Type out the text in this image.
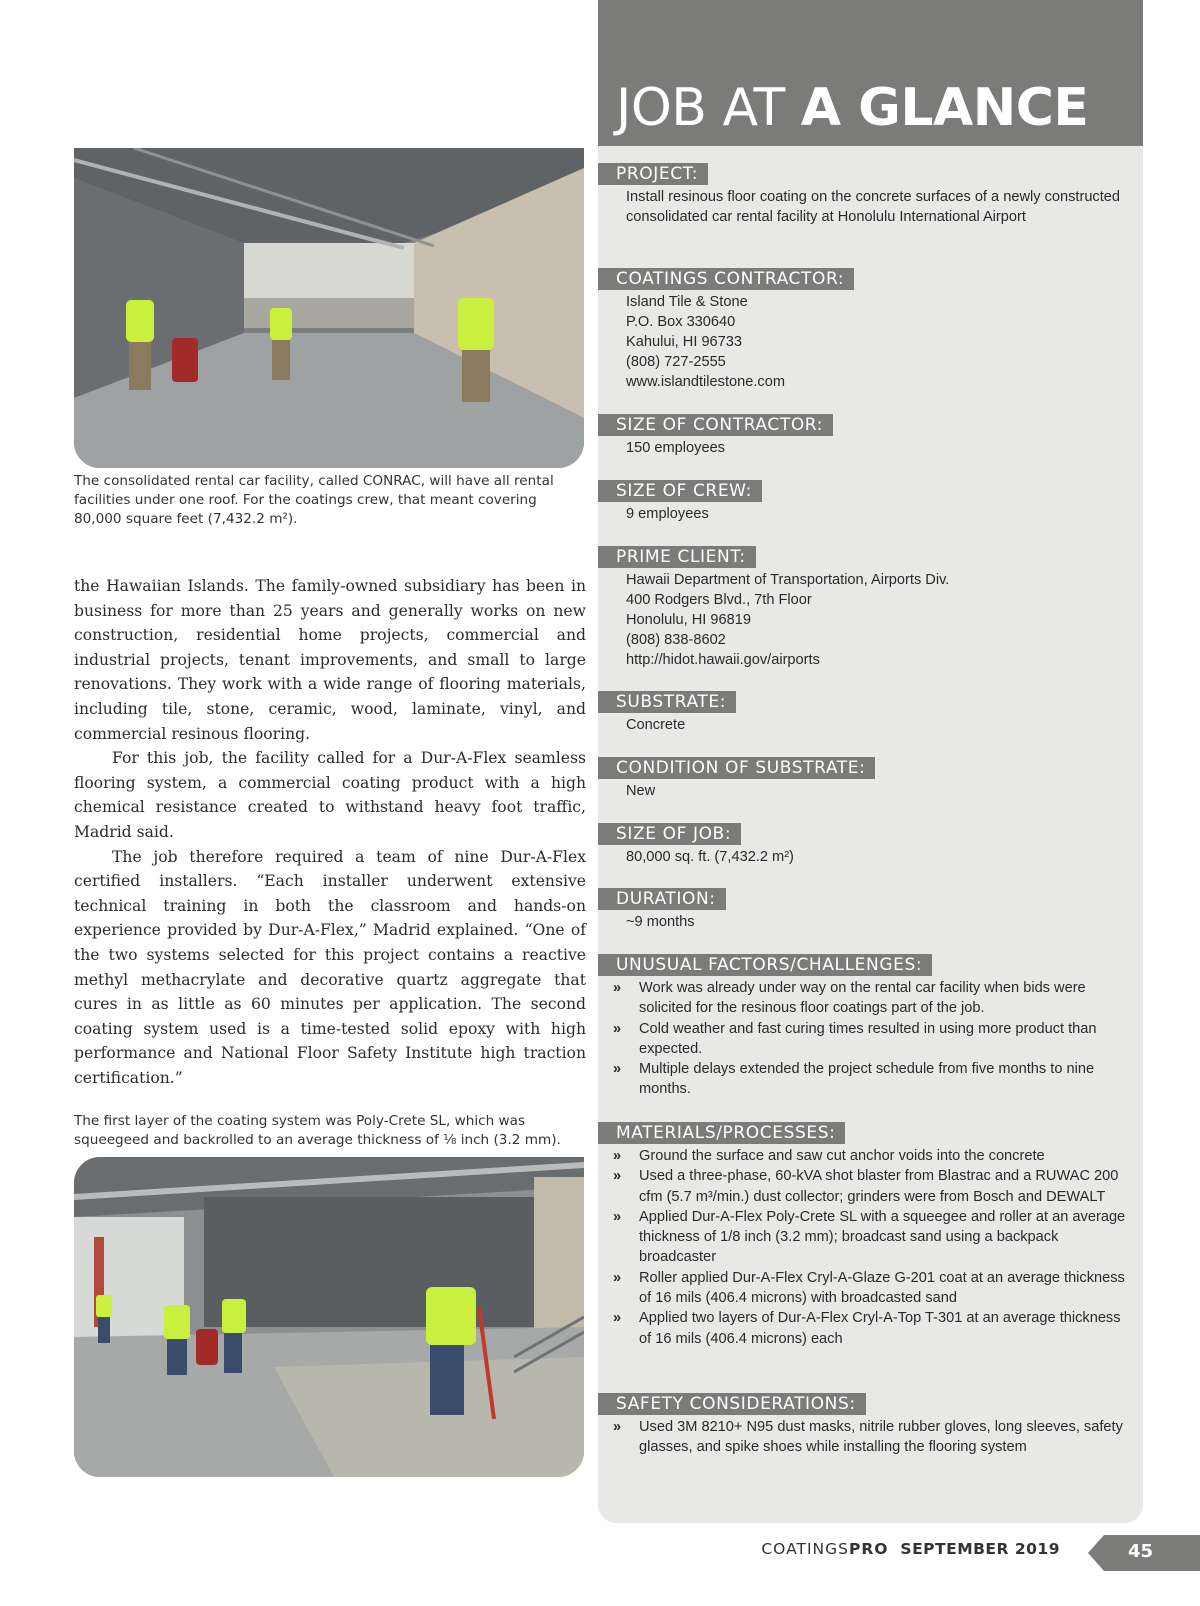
The consolidated rental car facility, called CONRAC, will have all rental facilities under one roof. For the coatings crew, that meant covering 80,000 square feet (7,432.2 m²).

the Hawaiian Islands. The family-owned subsidiary has been in business for more than 25 years and generally works on new construction, residential home projects, commercial and industrial projects, tenant improvements, and small to large renovations. They work with a wide range of flooring materials, including tile, stone, ceramic, wood, laminate, vinyl, and commercial resinous flooring.

For this job, the facility called for a Dur-A-Flex seamless flooring system, a commercial coating product with a high chemical resistance created to withstand heavy foot traffic, Madrid said.

The job therefore required a team of nine Dur-A-Flex certified installers. “Each installer underwent extensive technical training in both the classroom and hands-on experience provided by Dur-A-Flex,” Madrid explained. “One of the two systems selected for this project contains a reactive methyl methacrylate and decorative quartz aggregate that cures in as little as 60 minutes per application. The second coating system used is a time-tested solid epoxy with high performance and National Floor Safety Institute high traction certification.”

The first layer of the coating system was Poly-Crete SL, which was squeegeed and backrolled to an average thickness of ⅛ inch (3.2 mm).
JOB AT A GLANCE
PROJECT:
Install resinous floor coating on the concrete surfaces of a newly constructed consolidated car rental facility at Honolulu International Airport
COATINGS CONTRACTOR:
Island Tile & Stone
P.O. Box 330640
Kahului, HI 96733
(808) 727-2555
www.islandtilestone.com
SIZE OF CONTRACTOR:
150 employees
SIZE OF CREW:
9 employees
PRIME CLIENT:
Hawaii Department of Transportation, Airports Div.
400 Rodgers Blvd., 7th Floor
Honolulu, HI 96819
(808) 838-8602
http://hidot.hawaii.gov/airports
SUBSTRATE:
Concrete
CONDITION OF SUBSTRATE:
New
SIZE OF JOB:
80,000 sq. ft. (7,432.2 m²)
DURATION:
~9 months
UNUSUAL FACTORS/CHALLENGES:
» Work was already under way on the rental car facility when bids were solicited for the resinous floor coatings part of the job.
» Cold weather and fast curing times resulted in using more product than expected.
» Multiple delays extended the project schedule from five months to nine months.
MATERIALS/PROCESSES:
» Ground the surface and saw cut anchor voids into the concrete
» Used a three-phase, 60-kVA shot blaster from Blastrac and a RUWAC 200 cfm (5.7 m³/min.) dust collector; grinders were from Bosch and DEWALT
» Applied Dur-A-Flex Poly-Crete SL with a squeegee and roller at an average thickness of 1/8 inch (3.2 mm); broadcast sand using a backpack broadcaster
» Roller applied Dur-A-Flex Cryl-A-Glaze G-201 coat at an average thickness of 16 mils (406.4 microns) with broadcasted sand
» Applied two layers of Dur-A-Flex Cryl-A-Top T-301 at an average thickness of 16 mils (406.4 microns) each
SAFETY CONSIDERATIONS:
» Used 3M 8210+ N95 dust masks, nitrile rubber gloves, long sleeves, safety glasses, and spike shoes while installing the flooring system
COATINGSPRO SEPTEMBER 2019	45
